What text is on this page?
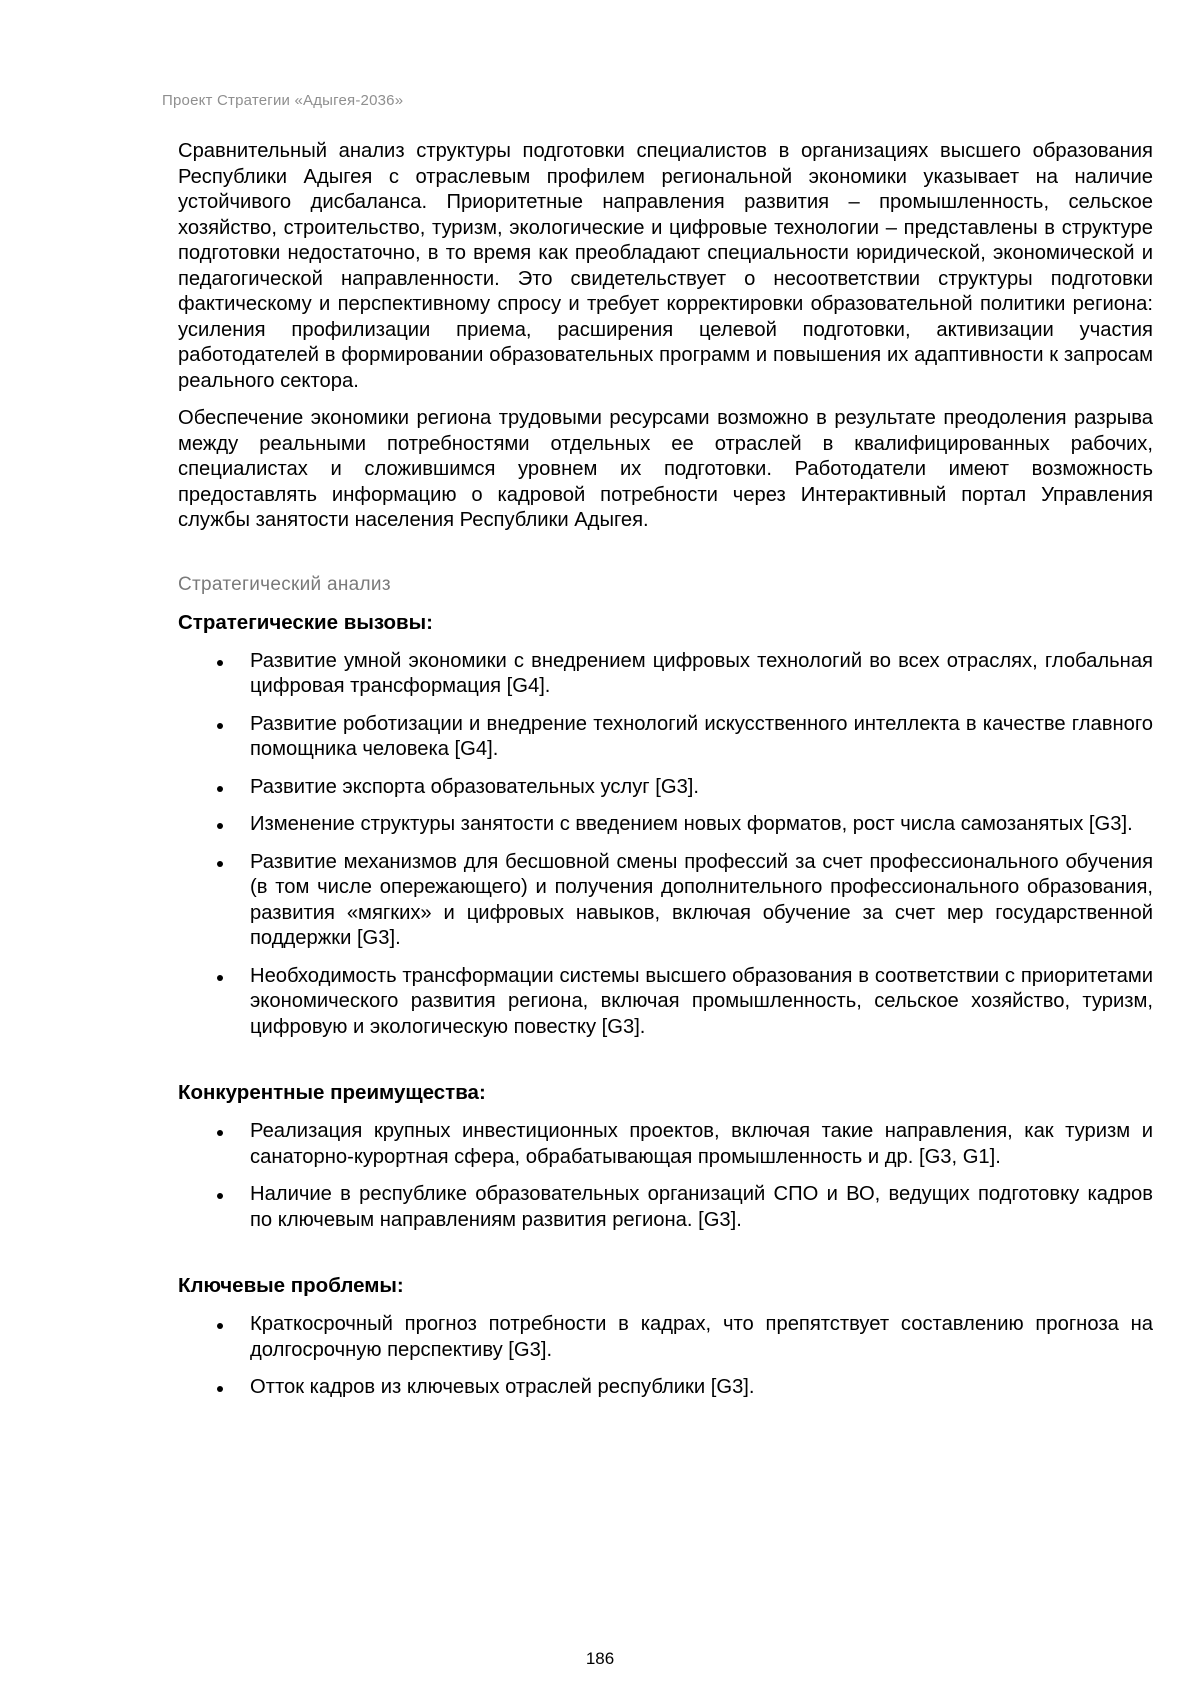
Проект Стратегии «Адыгея-2036»

Сравнительный анализ структуры подготовки специалистов в организациях высшего образования Республики Адыгея с отраслевым профилем региональной экономики указывает на наличие устойчивого дисбаланса. Приоритетные направления развития – промышленность, сельское хозяйство, строительство, туризм, экологические и цифровые технологии – представлены в структуре подготовки недостаточно, в то время как преобладают специальности юридической, экономической и педагогической направленности. Это свидетельствует о несоответствии структуры подготовки фактическому и перспективному спросу и требует корректировки образовательной политики региона: усиления профилизации приема, расширения целевой подготовки, активизации участия работодателей в формировании образовательных программ и повышения их адаптивности к запросам реального сектора.

Обеспечение экономики региона трудовыми ресурсами возможно в результате преодоления разрыва между реальными потребностями отдельных ее отраслей в квалифицированных рабочих, специалистах и сложившимся уровнем их подготовки. Работодатели имеют возможность предоставлять информацию о кадровой потребности через Интерактивный портал Управления службы занятости населения Республики Адыгея.

Стратегический анализ
Стратегические вызовы:
Развитие умной экономики с внедрением цифровых технологий во всех отраслях, глобальная цифровая трансформация [G4].
Развитие роботизации и внедрение технологий искусственного интеллекта в качестве главного помощника человека [G4].
Развитие экспорта образовательных услуг [G3].
Изменение структуры занятости с введением новых форматов, рост числа самозанятых [G3].
Развитие механизмов для бесшовной смены профессий за счет профессионального обучения (в том числе опережающего) и получения дополнительного профессионального образования, развития «мягких» и цифровых навыков, включая обучение за счет мер государственной поддержки [G3].
Необходимость трансформации системы высшего образования в соответствии с приоритетами экономического развития региона, включая промышленность, сельское хозяйство, туризм, цифровую и экологическую повестку [G3].
Конкурентные преимущества:
Реализация крупных инвестиционных проектов, включая такие направления, как туризм и санаторно-курортная сфера, обрабатывающая промышленность и др. [G3, G1].
Наличие в республике образовательных организаций СПО и ВО, ведущих подготовку кадров по ключевым направлениям развития региона. [G3].
Ключевые проблемы:
Краткосрочный прогноз потребности в кадрах, что препятствует составлению прогноза на долгосрочную перспективу [G3].
Отток кадров из ключевых отраслей республики [G3].
186
